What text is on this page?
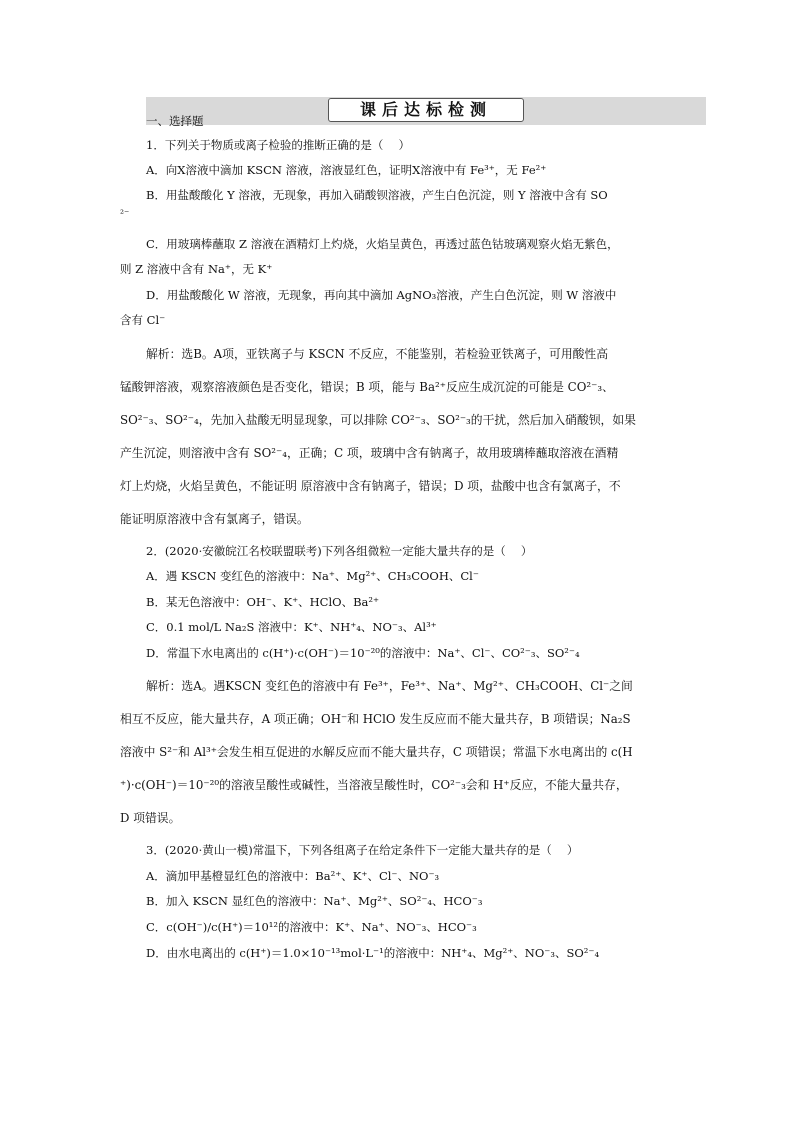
课后达标检测
一、选择题
1．下列关于物质或离子检验的推断正确的是（　 ）
A．向X溶液中滴加 KSCN 溶液，溶液显红色，证明X溶液中有 Fe³⁺，无 Fe²⁺
B．用盐酸酸化 Y 溶液，无现象，再加入硝酸钡溶液，产生白色沉淀，则 Y 溶液中含有 SO
²⁻
C．用玻璃棒蘸取 Z 溶液在酒精灯上灼烧，火焰呈黄色，再透过蓝色钴玻璃观察火焰无紫色，
则 Z 溶液中含有 Na⁺，无 K⁺
D．用盐酸酸化 W 溶液，无现象，再向其中滴加 AgNO₃溶液，产生白色沉淀，则 W 溶液中
含有 Cl⁻
解析：选B。A项，亚铁离子与 KSCN 不反应，不能鉴别，若检验亚铁离子，可用酸性高
锰酸钾溶液，观察溶液颜色是否变化，错误；B 项，能与 Ba²⁺反应生成沉淀的可能是 CO²⁻₃、
SO²⁻₃、SO²⁻₄，先加入盐酸无明显现象，可以排除 CO²⁻₃、SO²⁻₃的干扰，然后加入硝酸钡，如果
产生沉淀，则溶液中含有 SO²⁻₄，正确；C 项，玻璃中含有钠离子，故用玻璃棒蘸取溶液在酒精
灯上灼烧，火焰呈黄色，不能证明 原溶液中含有钠离子，错误；D 项，盐酸中也含有氯离子，不
能证明原溶液中含有氯离子，错误。
2．(2020·安徽皖江名校联盟联考)下列各组微粒一定能大量共存的是（　 ）
A．遇 KSCN 变红色的溶液中：Na⁺、Mg²⁺、CH₃COOH、Cl⁻
B．某无色溶液中：OH⁻、K⁺、HClO、Ba²⁺
C．0.1 mol/L Na₂S 溶液中：K⁺、NH⁺₄、NO⁻₃、Al³⁺
D．常温下水电离出的 c(H⁺)·c(OH⁻)＝10⁻²⁰的溶液中：Na⁺、Cl⁻、CO²⁻₃、SO²⁻₄
解析：选A。遇KSCN 变红色的溶液中有 Fe³⁺，Fe³⁺、Na⁺、Mg²⁺、CH₃COOH、Cl⁻之间
相互不反应，能大量共存，A 项正确；OH⁻和 HClO 发生反应而不能大量共存，B 项错误；Na₂S
溶液中 S²⁻和 Al³⁺会发生相互促进的水解反应而不能大量共存，C 项错误；常温下水电离出的 c(H
⁺)·c(OH⁻)＝10⁻²⁰的溶液呈酸性或碱性，当溶液呈酸性时，CO²⁻₃会和 H⁺反应，不能大量共存，
D 项错误。
3．(2020·黄山一模)常温下，下列各组离子在给定条件下一定能大量共存的是（　 ）
A．滴加甲基橙显红色的溶液中：Ba²⁺、K⁺、Cl⁻、NO⁻₃
B．加入 KSCN 显红色的溶液中：Na⁺、Mg²⁺、SO²⁻₄、HCO⁻₃
C．c(OH⁻)/c(H⁺)＝10¹²的溶液中：K⁺、Na⁺、NO⁻₃、HCO⁻₃
D．由水电离出的 c(H⁺)＝1.0×10⁻¹³mol·L⁻¹的溶液中：NH⁺₄、Mg²⁺、NO⁻₃、SO²⁻₄
